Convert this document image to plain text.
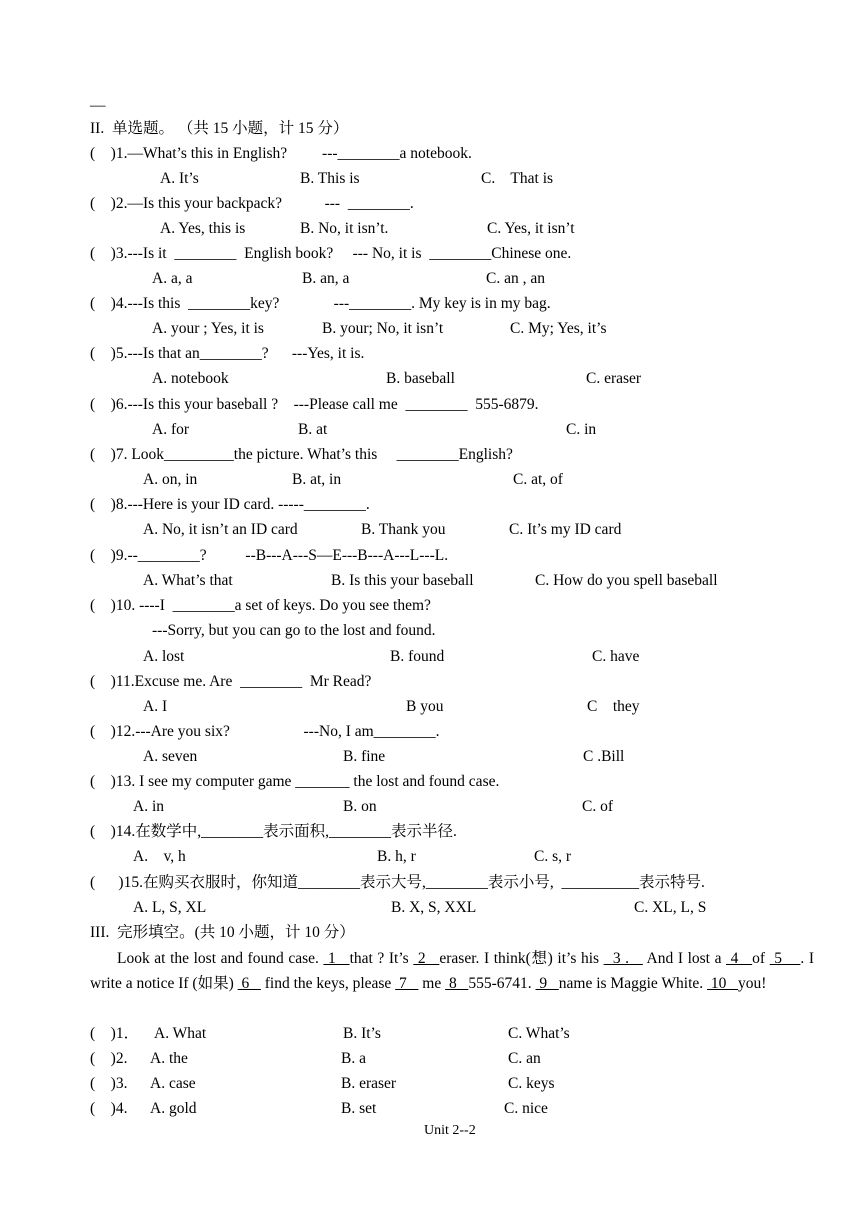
—
II.  单选题。 （共 15 小题，计 15 分）
(    )1.—What’s this in English?         ---________a notebook.
A. It’s	B. This is	C.    That is
(    )2.—Is this your backpack?           ---  ________.
A. Yes, this is	B. No, it isn’t.	C. Yes, it isn’t
(    )3.---Is it  ________  English book?     --- No, it is  ________Chinese one.
A. a, a	B. an, a	C. an , an
(    )4.---Is this  ________key?              ---________. My key is in my bag.
A. your ; Yes, it is	B. your; No, it isn’t	C. My; Yes, it’s
(    )5.---Is that an________?      ---Yes, it is.
A. notebook	B. baseball	C. eraser
(    )6.---Is this your baseball ?    ---Please call me  ________  555-6879.
A. for	B. at	C. in
(    )7. Look_________the picture. What’s this     ________English?
A. on, in	B. at, in	C. at, of
(    )8.---Here is your ID card. -----________.
A. No, it isn’t an ID card	B. Thank you	C. It’s my ID card
(    )9.--________?          --B---A---S—E---B---A---L---L.
A. What’s that	B. Is this your baseball	C. How do you spell baseball
(    )10. ----I  ________a set of keys. Do you see them?
---Sorry, but you can go to the lost and found.
A. lost	B. found	C. have
(    )11.Excuse me. Are  ________  Mr Read?
A. I	B you	C    they
(    )12.---Are you six?                   ---No, I am________.
A. seven	B. fine	C .Bill
(    )13. I see my computer game _______ the lost and found case.
A. in	B. on	C. of
(    )14.在数学中,________表示面积,________表示半径.
A.    v, h	B. h, r	C. s, r
(      )15.在购买衣服时，你知道________表示大号,________表示小号,  __________表示特号.
A. L, S, XL	B. X, S, XXL	C. XL, L, S
III.  完形填空。(共 10 小题，计 10 分）
Look at the lost and found case.  1   that ? It’s  2   eraser. I think(想) it’s his   3 .    And I lost a  4   of  5    . I write a notice If (如果)  6    find the keys, please  7    me  8   555-6741.  9   name is Maggie White.  10   you!
(    )1． A. What	B. It’s	C. What’s
(    )2. A. the	B. a	C. an
(    )3. A. case	B. eraser	C. keys
(    )4. A. gold	B. set	C. nice
Unit 2--2
